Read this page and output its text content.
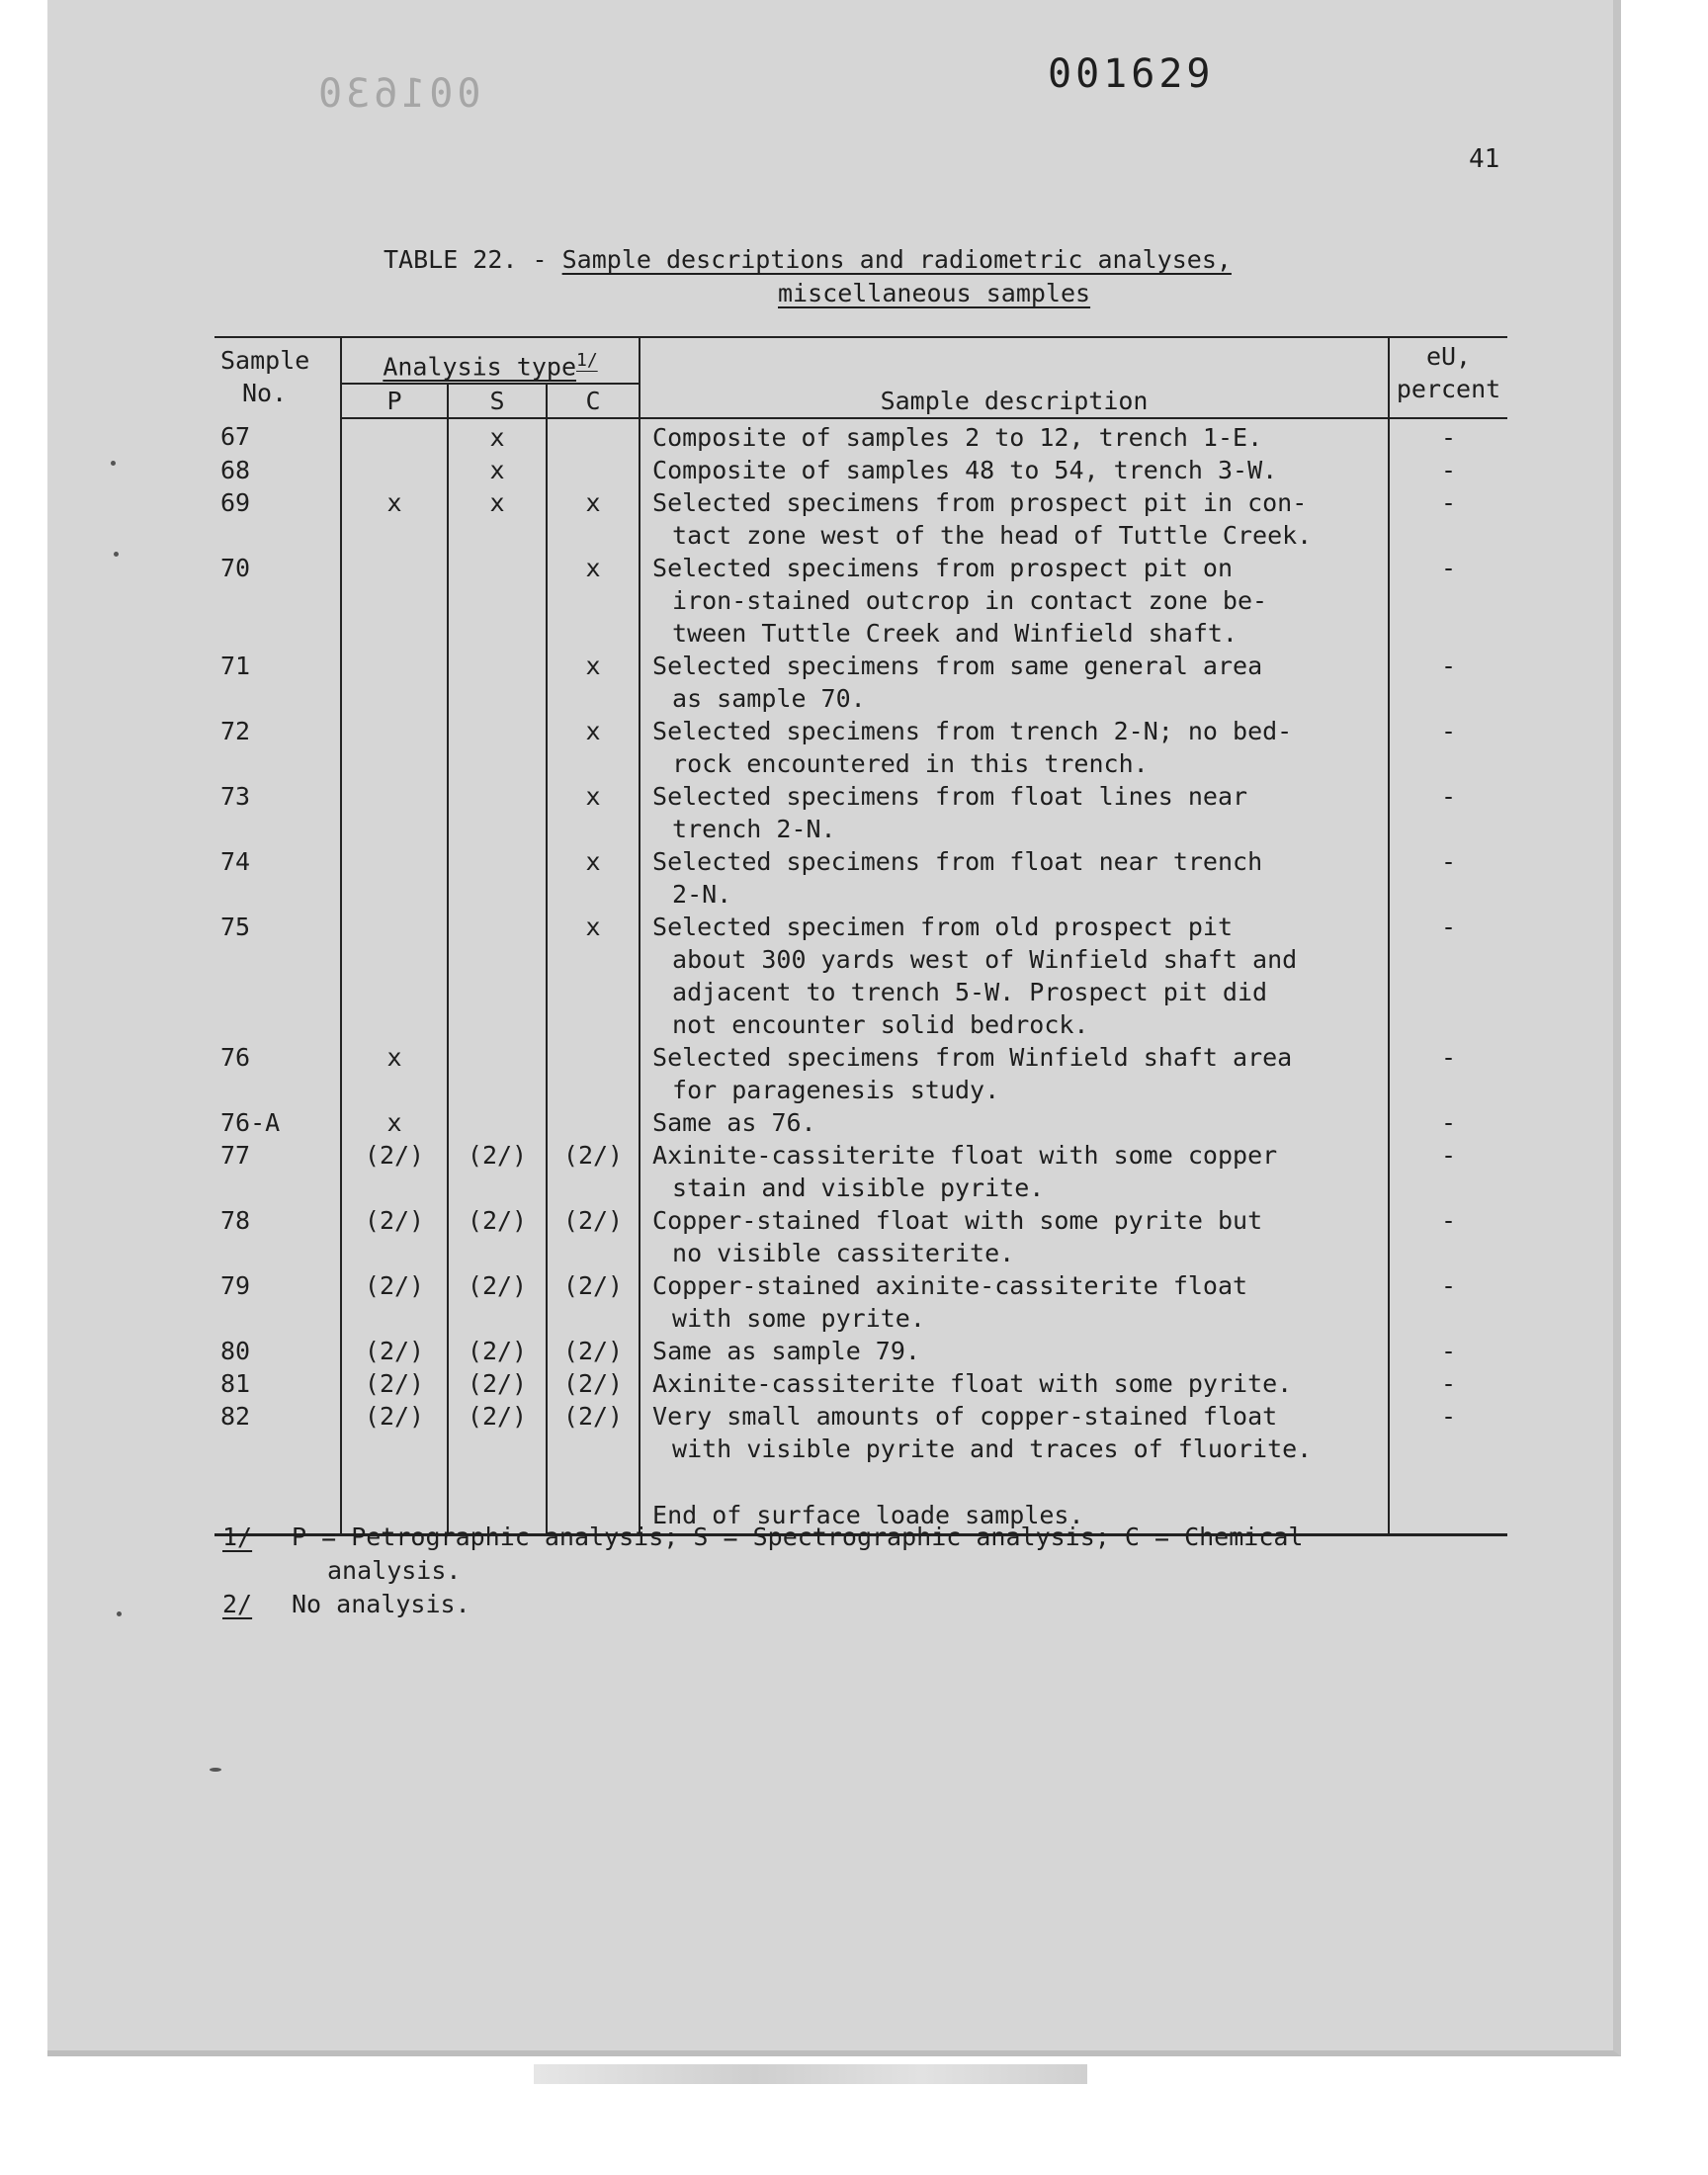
001630	001629
41
TABLE 22. - Sample descriptions and radiometric analyses,
miscellaneous samples
Sample
No.	Analysis type$^{1/}$			Sample description	eU,
percent

	P	S	C		
67		x		Composite of samples 2 to 12, trench 1-E.	-
68		x		Composite of samples 48 to 54, trench 3-W.	-
69	x	x	x	Selected specimens from prospect pit in con-
tact zone west of the head of Tuttle Creek.	-
70			x	Selected specimens from prospect pit on
iron-stained outcrop in contact zone be-
tween Tuttle Creek and Winfield shaft.	-
71			x	Selected specimens from same general area
as sample 70.	-
72			x	Selected specimens from trench 2-N; no bed-
rock encountered in this trench.	-
73			x	Selected specimens from float lines near
trench 2-N.	-
74			x	Selected specimens from float near trench
2-N.	-
75			x	Selected specimen from old prospect pit
about 300 yards west of Winfield shaft and
adjacent to trench 5-W. Prospect pit did
not encounter solid bedrock.	-
76	x			Selected specimens from Winfield shaft area
for paragenesis study.	-
76-A	x			Same as 76.	-
77	(2/)	(2/)	(2/)	Axinite-cassiterite float with some copper
stain and visible pyrite.	-
78	(2/)	(2/)	(2/)	Copper-stained float with some pyrite but
no visible cassiterite.	-
79	(2/)	(2/)	(2/)	Copper-stained axinite-cassiterite float
with some pyrite.	-
80	(2/)	(2/)	(2/)	Same as sample 79.	-
81	(2/)	(2/)	(2/)	Axinite-cassiterite float with some pyrite.	-
82	(2/)	(2/)	(2/)	Very small amounts of copper-stained float
with visible pyrite and traces of fluorite.	-
				End of surface loade samples.	
1/	P = Petrographic analysis; S = Spectrographic analysis; C = Chemical
analysis.
2/	No analysis.
